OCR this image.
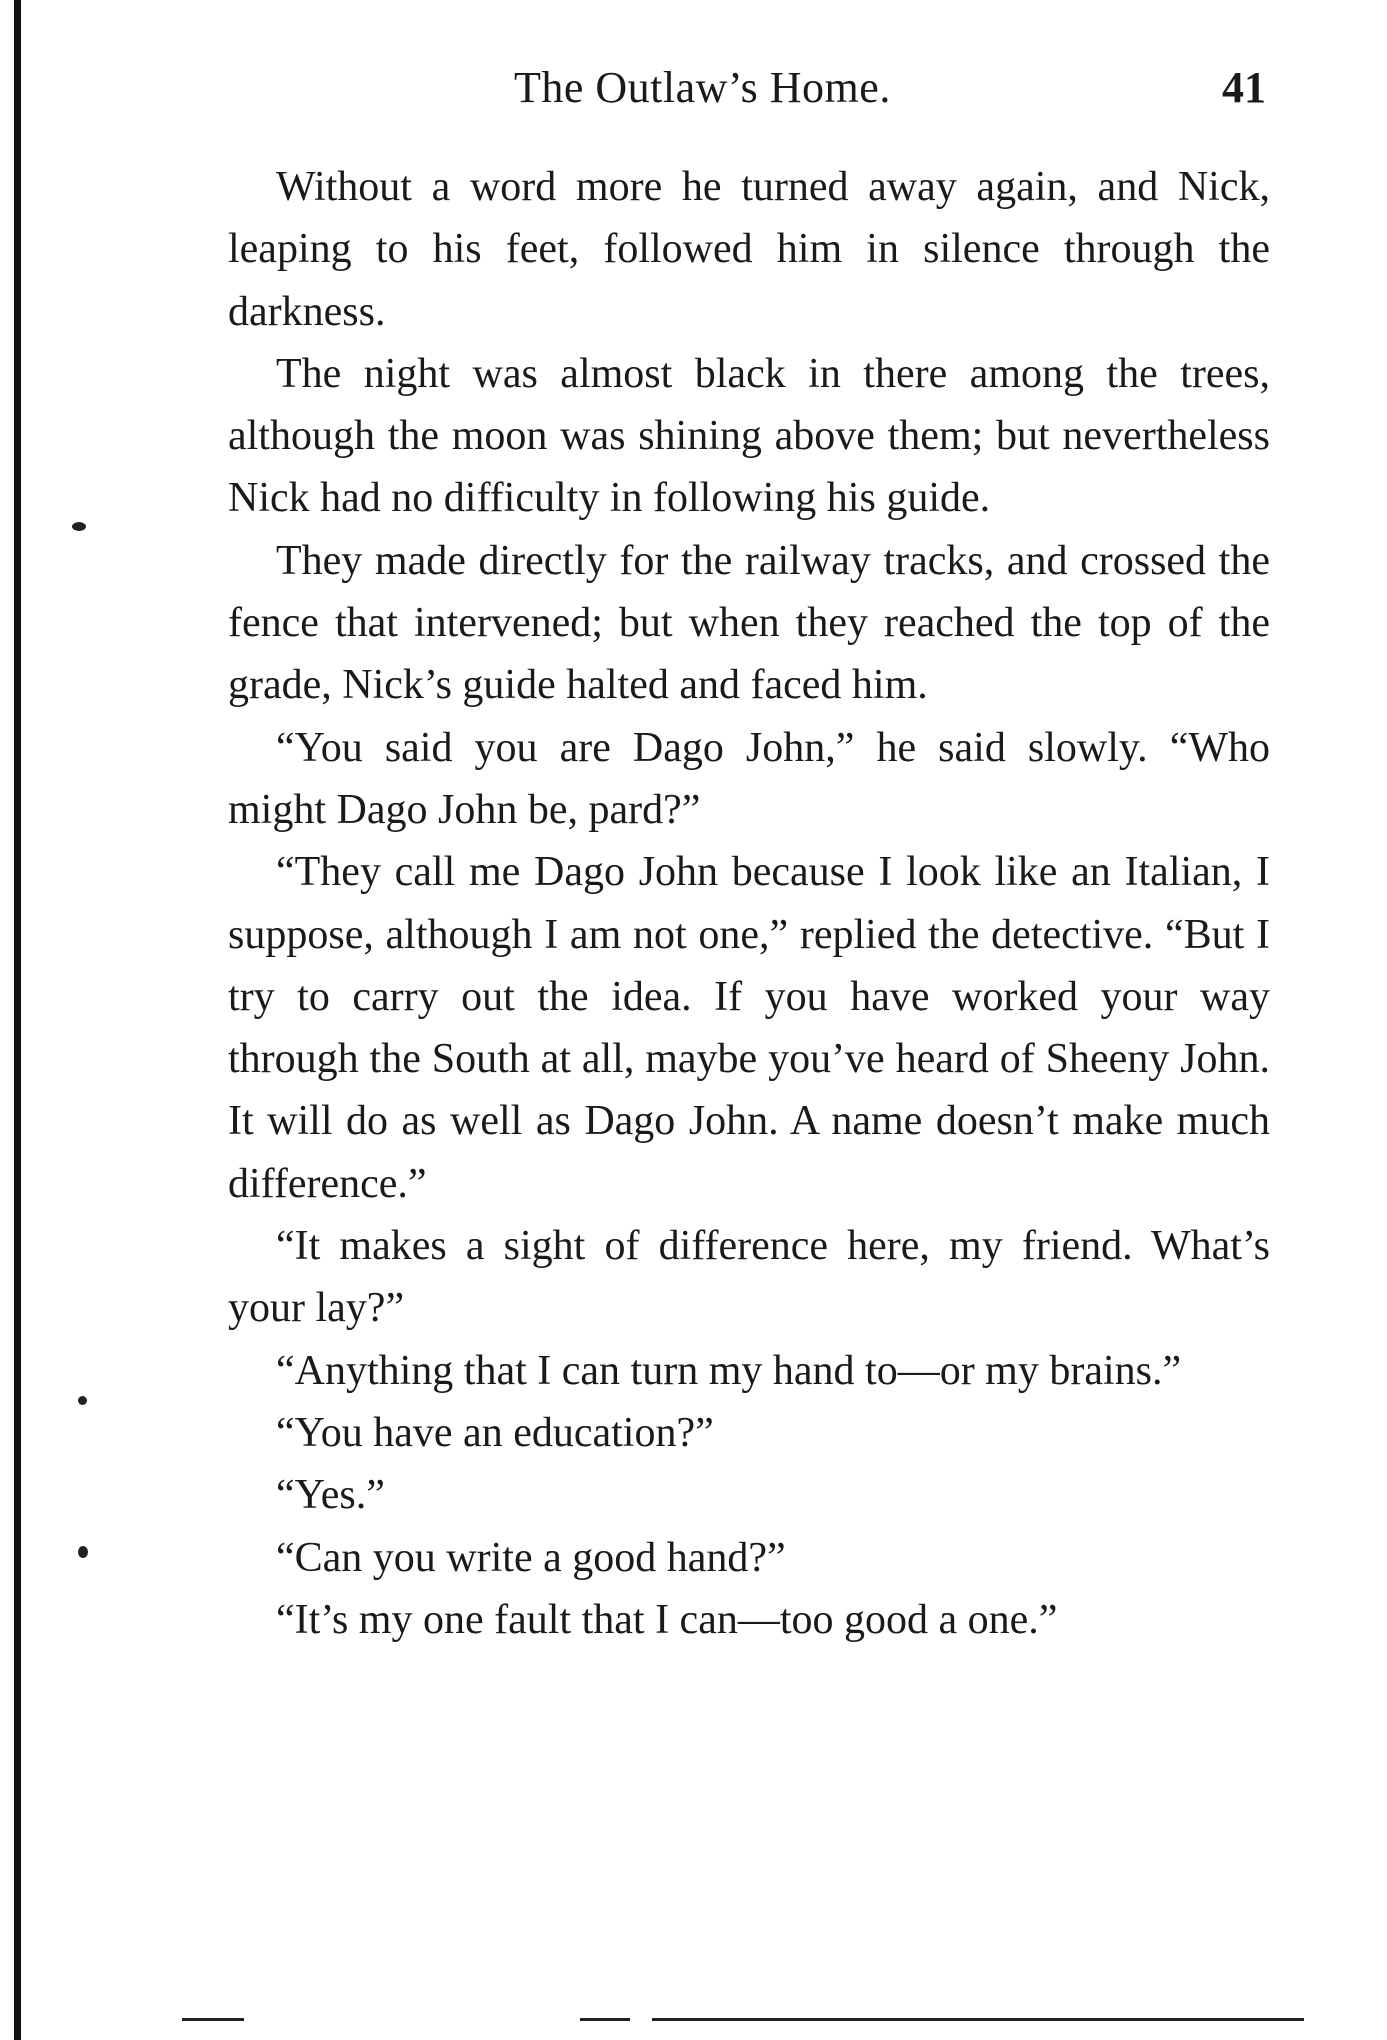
The Outlaw’s Home.	41

Without a word more he turned away again, and Nick, leaping to his feet, followed him in silence through the darkness.

The night was almost black in there among the trees, although the moon was shining above them; but nevertheless Nick had no difficulty in following his guide.

They made directly for the railway tracks, and crossed the fence that intervened; but when they reached the top of the grade, Nick’s guide halted and faced him.

“You said you are Dago John,” he said slowly. “Who might Dago John be, pard?”

“They call me Dago John because I look like an Italian, I suppose, although I am not one,” replied the detective. “But I try to carry out the idea. If you have worked your way through the South at all, maybe you’ve heard of Sheeny John. It will do as well as Dago John. A name doesn’t make much difference.”

“It makes a sight of difference here, my friend. What’s your lay?”

“Anything that I can turn my hand to—or my brains.”

“You have an education?”

“Yes.”

“Can you write a good hand?”

“It’s my one fault that I can—too good a one.”
